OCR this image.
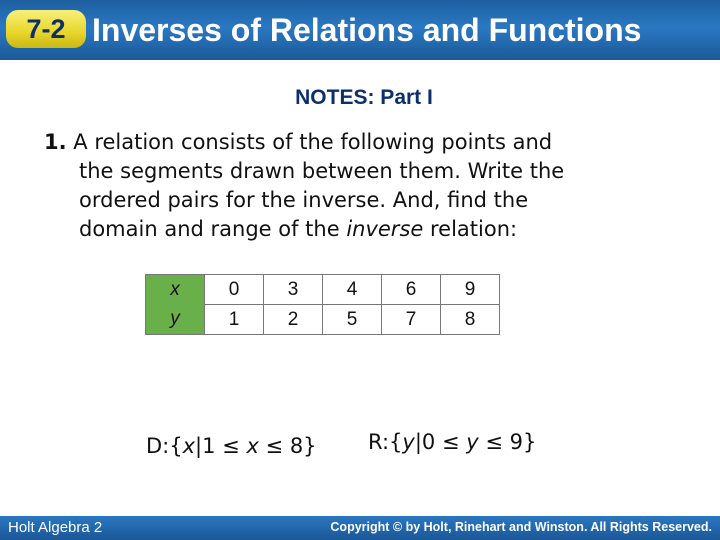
7-2 Inverses of Relations and Functions
NOTES: Part I
1. A relation consists of the following points and
the segments drawn between them. Write the
ordered pairs for the inverse. And, find the
domain and range of the inverse relation:
x	0	3	4	6	9
y	1	2	5	7	8
D:{x|1 ≤ x ≤ 8} R:{y|0 ≤ y ≤ 9}
Holt Algebra 2	Copyright © by Holt, Rinehart and Winston. All Rights Reserved.
